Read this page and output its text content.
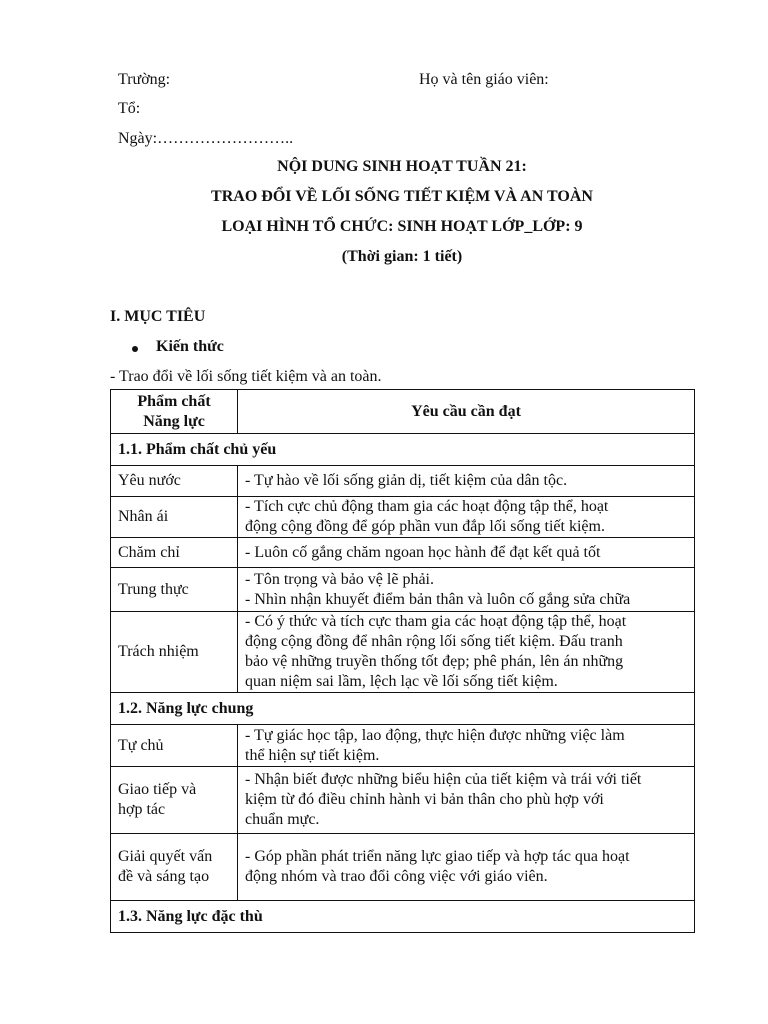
Trường:	Họ và tên giáo viên:
Tổ:
Ngày:……………………..
NỘI DUNG SINH HOẠT TUẦN 21:
TRAO ĐỔI VỀ LỐI SỐNG TIẾT KIỆM VÀ AN TOÀN
LOẠI HÌNH TỔ CHỨC: SINH HOẠT LỚP_LỚP: 9
(Thời gian: 1 tiết)
I. MỤC TIÊU
Kiến thức
- Trao đổi về lối sống tiết kiệm và an toàn.
Phẩm chất
Năng lực	Yêu cầu cần đạt
1.1. Phẩm chất chủ yếu	
Yêu nước	- Tự hào về lối sống giản dị, tiết kiệm của dân tộc.
Nhân ái	- Tích cực chủ động tham gia các hoạt động tập thể, hoạt
động cộng đồng để góp phần vun đắp lối sống tiết kiệm.

Chăm chỉ	- Luôn cố gắng chăm ngoan học hành để đạt kết quả tốt
Trung thực	- Tôn trọng và bảo vệ lẽ phải.
- Nhìn nhận khuyết điểm bản thân và luôn cố gắng sửa chữa

Trách nhiệm	- Có ý thức và tích cực tham gia các hoạt động tập thể, hoạt
động cộng đồng để nhân rộng lối sống tiết kiệm. Đấu tranh
bảo vệ những truyền thống tốt đẹp; phê phán, lên án những
quan niệm sai lầm, lệch lạc về lối sống tiết kiệm.

1.2. Năng lực chung	
Tự chủ	- Tự giác học tập, lao động, thực hiện được những việc làm
thể hiện sự tiết kiệm.

Giao tiếp và
hợp tác	- Nhận biết được những biểu hiện của tiết kiệm và trái với tiết
kiệm từ đó điều chỉnh hành vi bản thân cho phù hợp với
chuẩn mực.

Giải quyết vấn
đề và sáng tạo	- Góp phần phát triển năng lực giao tiếp và hợp tác qua hoạt
động nhóm và trao đổi công việc với giáo viên.

1.3. Năng lực đặc thù	
